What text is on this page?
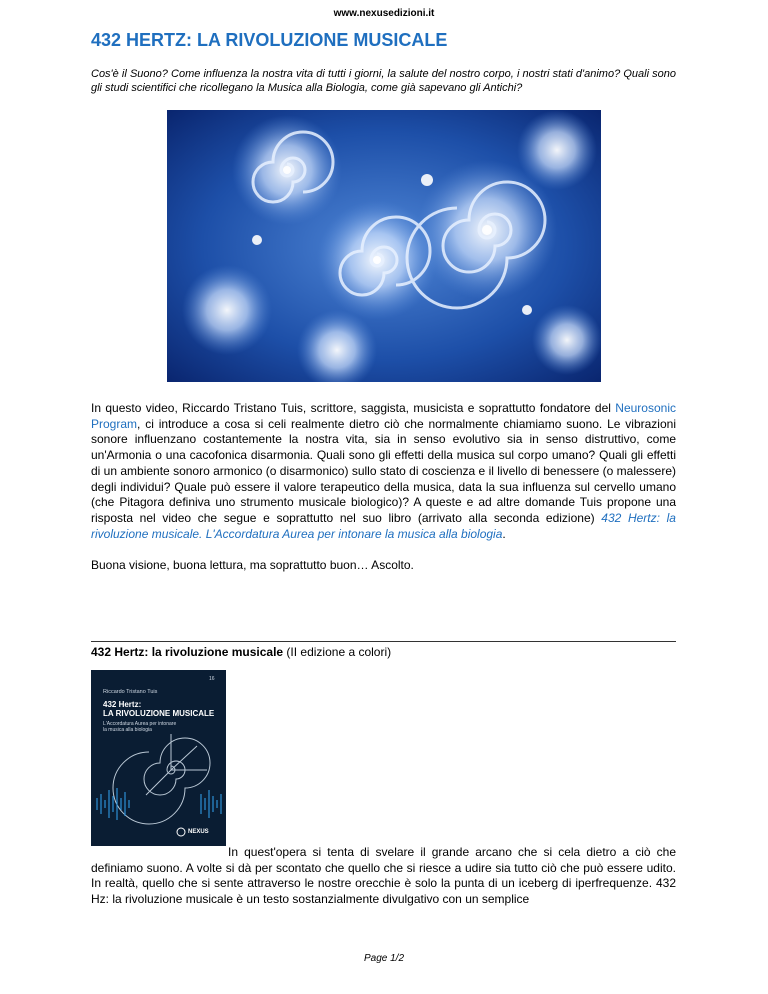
www.nexusedizioni.it
432 HERTZ: LA RIVOLUZIONE MUSICALE

Cos'è il Suono? Come influenza la nostra vita di tutti i giorni, la salute del nostro corpo, i nostri stati d'animo? Quali sono gli studi scientifici che ricollegano la Musica alla Biologia, come già sapevano gli Antichi?

In questo video, Riccardo Tristano Tuis, scrittore, saggista, musicista e soprattutto fondatore del Neurosonic Program, ci introduce a cosa si celi realmente dietro ciò che normalmente chiamiamo suono. Le vibrazioni sonore influenzano costantemente la nostra vita, sia in senso evolutivo sia in senso distruttivo, come un'Armonia o una cacofonica disarmonia. Quali sono gli effetti della musica sul corpo umano? Quali gli effetti di un ambiente sonoro armonico (o disarmonico) sullo stato di coscienza e il livello di benessere (o malessere) degli individui? Quale può essere il valore terapeutico della musica, data la sua influenza sul cervello umano (che Pitagora definiva uno strumento musicale biologico)? A queste e ad altre domande Tuis propone una risposta nel video che segue e soprattutto nel suo libro (arrivato alla seconda edizione) 432 Hertz: la rivoluzione musicale. L'Accordatura Aurea per intonare la musica alla biologia.

Buona visione, buona lettura, ma soprattutto buon… Ascolto.

432 Hertz: la rivoluzione musicale (II edizione a colori)

16
Riccardo Tristano Tuis
432 Hertz:
LA RIVOLUZIONE MUSICALE
L'Accordatura Aurea per intonare
la musica alla biologia
NEXUS

In quest'opera si tenta di svelare il grande arcano che si cela dietro a ciò che definiamo suono. A volte si dà per scontato che quello che si riesce a udire sia tutto ciò che può essere udito. In realtà, quello che si sente attraverso le nostre orecchie è solo la punta di un iceberg di iperfrequenze. 432 Hz: la rivoluzione musicale è un testo sostanzialmente divulgativo con un semplice

Page 1/2
